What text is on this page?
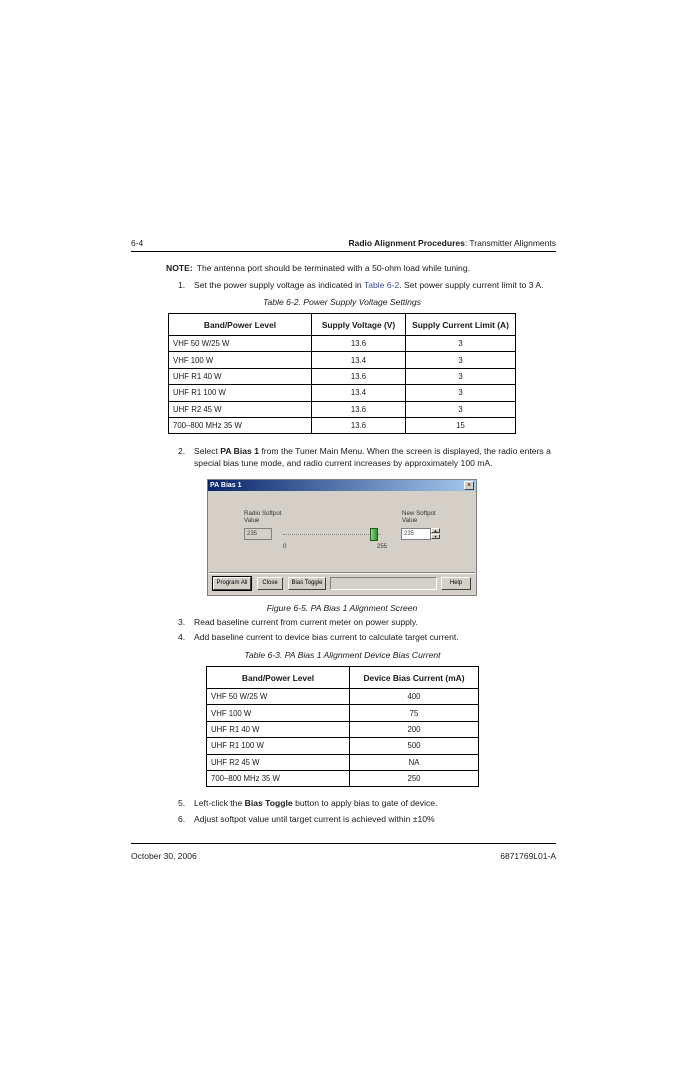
6-4	Radio Alignment Procedures: Transmitter Alignments
NOTE: The antenna port should be terminated with a 50-ohm load while tuning.
1. Set the power supply voltage as indicated in Table 6-2. Set power supply current limit to 3 A.
Table 6-2. Power Supply Voltage Settings
Band/Power Level	Supply Voltage (V)	Supply Current Limit (A)
VHF 50 W/25 W	13.6	3
VHF 100 W	13.4	3
UHF R1 40 W	13.6	3
UHF R1 100 W	13.4	3
UHF R2 45 W	13.6	3
700–800 MHz 35 W	13.6	15
2. Select PA Bias 1 from the Tuner Main Menu. When the screen is displayed, the radio enters a special bias tune mode, and radio current increases by approximately 100 mA.
PA Bias 1	×
Radio Softpot
Value
235
New Softpot
Value
235
▲
▼
0	255
Program All	Close	Bias Toggle	Help
Figure 6-5. PA Bias 1 Alignment Screen
3. Read baseline current from current meter on power supply.
4. Add baseline current to device bias current to calculate target current.
Table 6-3. PA Bias 1 Alignment Device Bias Current
Band/Power Level	Device Bias Current (mA)
VHF 50 W/25 W	400
VHF 100 W	75
UHF R1 40 W	200
UHF R1 100 W	500
UHF R2 45 W	NA
700–800 MHz 35 W	250
5. Left-click the Bias Toggle button to apply bias to gate of device.
6. Adjust softpot value until target current is achieved within ±10%
October 30, 2006	6871769L01-A
